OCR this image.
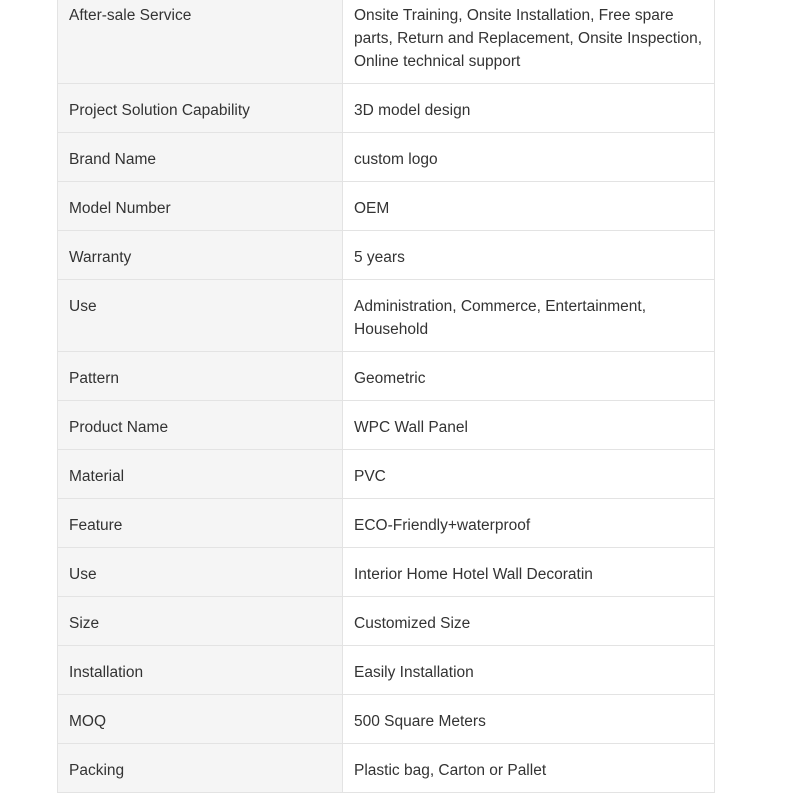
After-sale Service	Onsite Training, Onsite Installation, Free spare parts, Return and Replacement, Onsite Inspection, Online technical support
Project Solution Capability	3D model design
Brand Name	custom logo
Model Number	OEM
Warranty	5 years
Use	Administration, Commerce, Entertainment, Household
Pattern	Geometric
Product Name	WPC Wall Panel
Material	PVC
Feature	ECO-Friendly+waterproof
Use	Interior Home Hotel Wall Decoratin
Size	Customized Size
Installation	Easily Installation
MOQ	500 Square Meters
Packing	Plastic bag, Carton or Pallet
